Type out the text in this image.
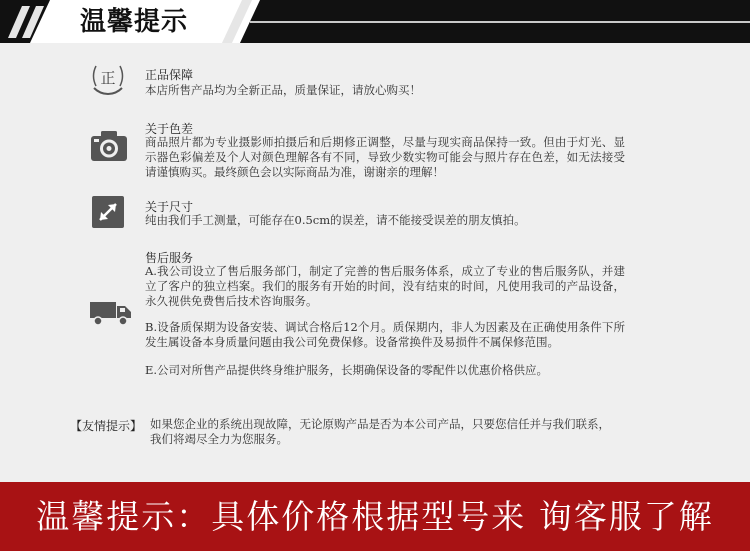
温馨提示
正 正品保障
本店所售产品均为全新正品，质量保证，请放心购买！
关于色差
商品照片都为专业摄影师拍摄后和后期修正调整，尽量与现实商品保持一致。但由于灯光、显示器色彩偏差及个人对颜色理解各有不同，导致少数实物可能会与照片存在色差，如无法接受请谨慎购买。最终颜色会以实际商品为准，谢谢亲的理解！
关于尺寸
纯由我们手工测量，可能存在0.5cm的误差，请不能接受误差的朋友慎拍。
售后服务
A.我公司设立了售后服务部门，制定了完善的售后服务体系，成立了专业的售后服务队，并建立了客户的独立档案。我们的服务有开始的时间，没有结束的时间，凡使用我司的产品设备，永久视供免费售后技术咨询服务。
B.设备质保期为设备安装、调试合格后12个月。质保期内，非人为因素及在正确使用条件下所发生属设备本身质量问题由我公司免费保修。设备常换件及易损件不属保修范围。
E.公司对所售产品提供终身维护服务，长期确保设备的零配件以优惠价格供应。
【友情提示】 如果您企业的系统出现故障，无论原购产品是否为本公司产品，只要您信任并与我们联系，我们将竭尽全力为您服务。
温馨提示：具体价格根据型号来 询客服了解
